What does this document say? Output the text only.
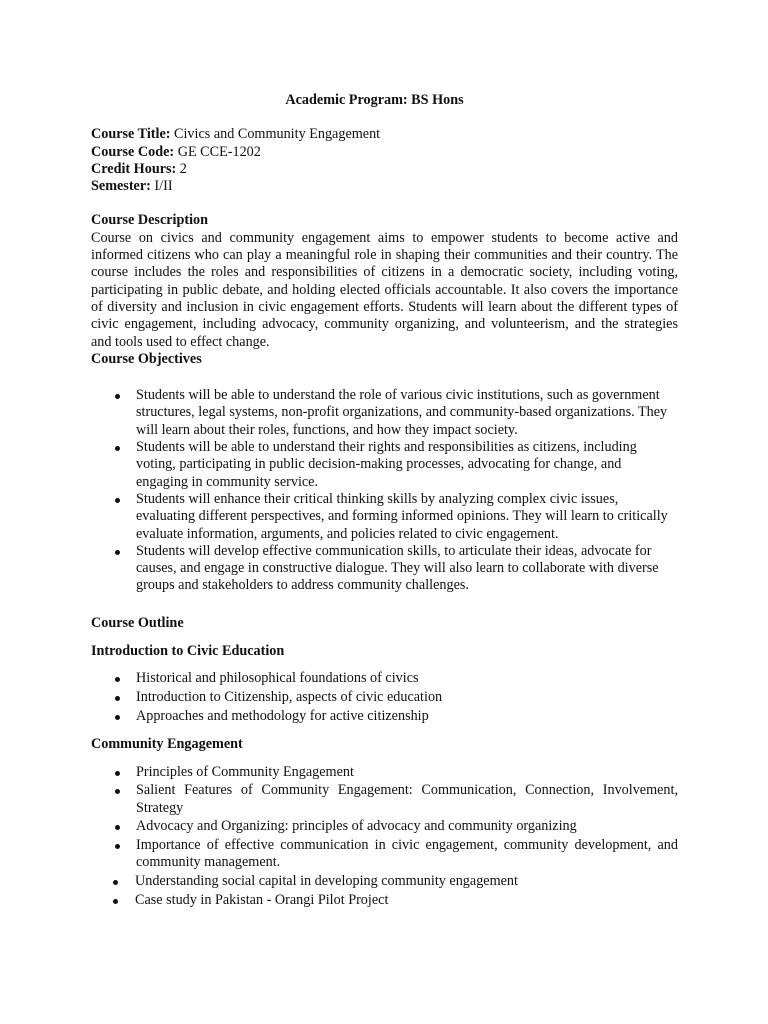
Academic Program: BS Hons

Course Title: Civics and Community Engagement

Course Code: GE CCE-1202

Credit Hours: 2

Semester: I/II

Course Description

Course on civics and community engagement aims to empower students to become active and informed citizens who can play a meaningful role in shaping their communities and their country. The course includes the roles and responsibilities of citizens in a democratic society, including voting, participating in public debate, and holding elected officials accountable. It also covers the importance of diversity and inclusion in civic engagement efforts. Students will learn about the different types of civic engagement, including advocacy, community organizing, and volunteerism, and the strategies and tools used to effect change.

Course Objectives

Students will be able to understand the role of various civic institutions, such as government structures, legal systems, non-profit organizations, and community-based organizations. They will learn about their roles, functions, and how they impact society.
Students will be able to understand their rights and responsibilities as citizens, including voting, participating in public decision-making processes, advocating for change, and engaging in community service.
Students will enhance their critical thinking skills by analyzing complex civic issues, evaluating different perspectives, and forming informed opinions. They will learn to critically evaluate information, arguments, and policies related to civic engagement.
Students will develop effective communication skills, to articulate their ideas, advocate for causes, and engage in constructive dialogue. They will also learn to collaborate with diverse groups and stakeholders to address community challenges.

Course Outline

Introduction to Civic Education

Historical and philosophical foundations of civics
Introduction to Citizenship, aspects of civic education
Approaches and methodology for active citizenship

Community Engagement

Principles of Community Engagement
Salient Features of Community Engagement: Communication, Connection, Involvement, Strategy
Advocacy and Organizing: principles of advocacy and community organizing
Importance of effective communication in civic engagement, community development, and community management.
Understanding social capital in developing community engagement
Case study in Pakistan - Orangi Pilot Project
